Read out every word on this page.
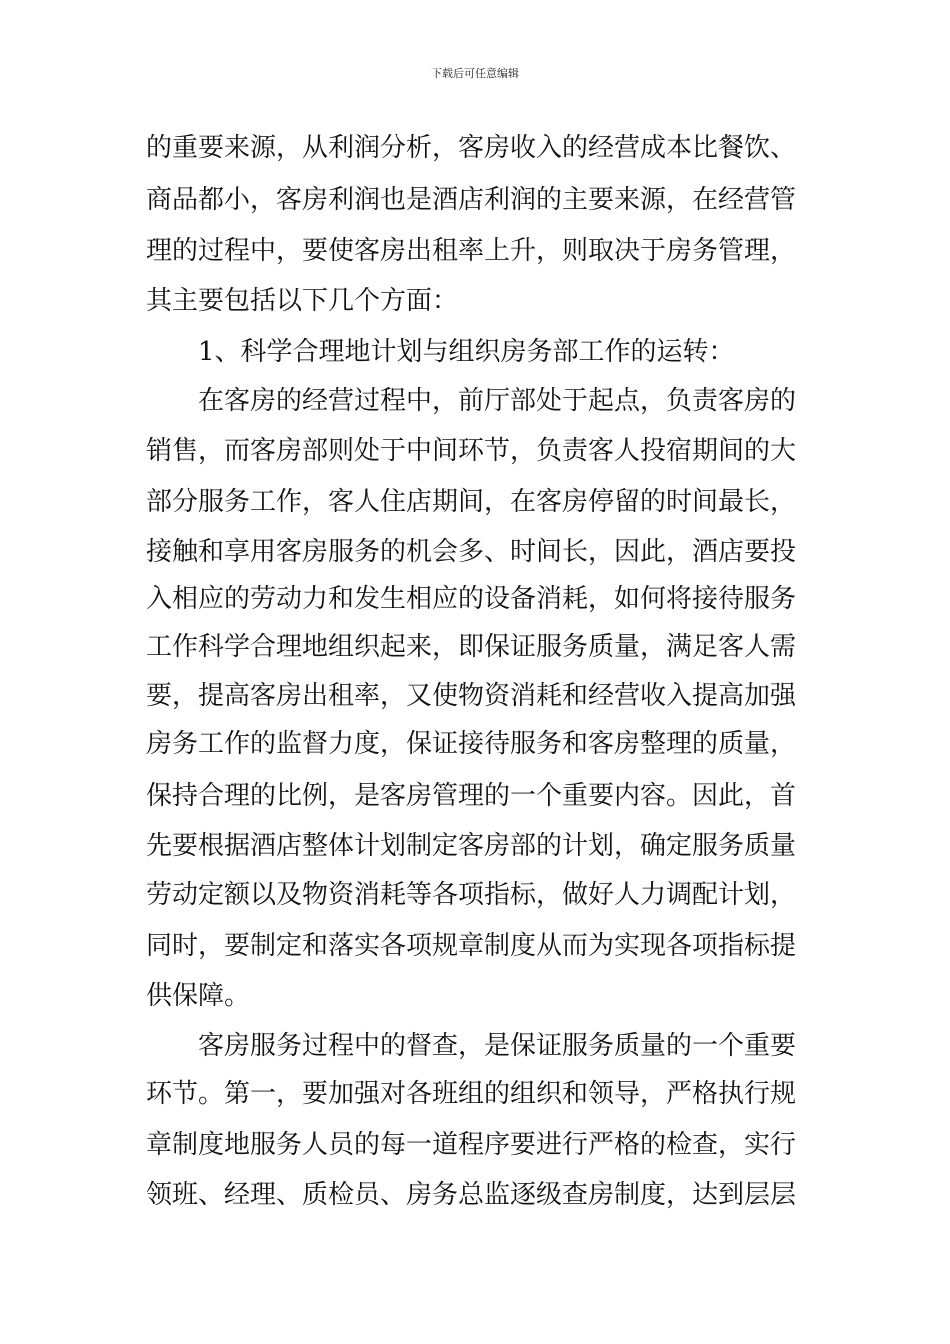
下载后可任意编辑
的重要来源，从利润分析，客房收入的经营成本比餐饮、
商品都小，客房利润也是酒店利润的主要来源，在经营管
理的过程中，要使客房出租率上升，则取决于房务管理，
其主要包括以下几个方面：
1、科学合理地计划与组织房务部工作的运转：
在客房的经营过程中，前厅部处于起点，负责客房的
销售，而客房部则处于中间环节，负责客人投宿期间的大
部分服务工作，客人住店期间，在客房停留的时间最长，
接触和享用客房服务的机会多、时间长，因此，酒店要投
入相应的劳动力和发生相应的设备消耗，如何将接待服务
工作科学合理地组织起来，即保证服务质量，满足客人需
要，提高客房出租率，又使物资消耗和经营收入提高加强
房务工作的监督力度，保证接待服务和客房整理的质量，
保持合理的比例，是客房管理的一个重要内容。因此，首
先要根据酒店整体计划制定客房部的计划，确定服务质量
劳动定额以及物资消耗等各项指标，做好人力调配计划，
同时，要制定和落实各项规章制度从而为实现各项指标提
供保障。
客房服务过程中的督查，是保证服务质量的一个重要
环节。第一，要加强对各班组的组织和领导，严格执行规
章制度地服务人员的每一道程序要进行严格的检查，实行
领班、经理、质检员、房务总监逐级查房制度，达到层层
